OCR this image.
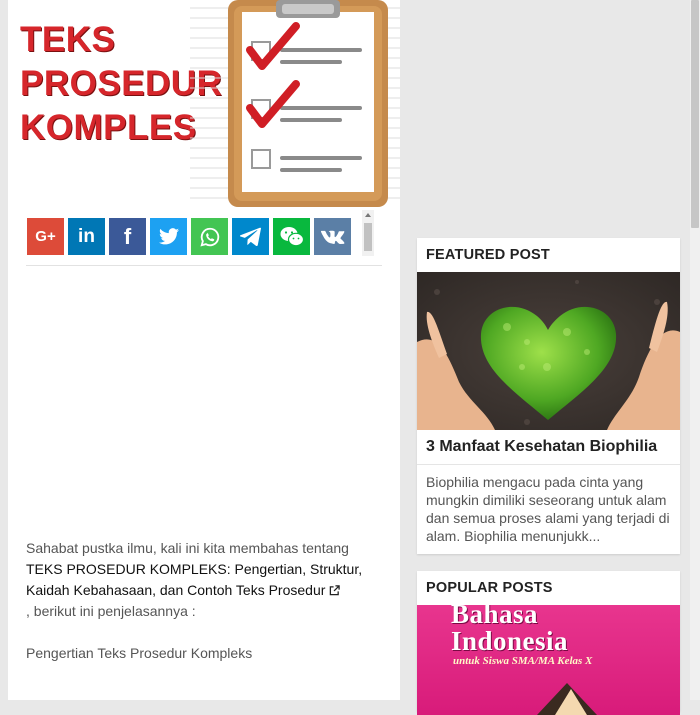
TEKS
PROSEDUR
KOMPLES
G+ in f

Sahabat pustka ilmu, kali ini kita membahas tentang

TEKS PROSEDUR KOMPLEKS: Pengertian, Struktur, Kaidah Kebahasaan, dan Contoh Teks Prosedur

, berikut ini penjelasannya :

Pengertian Teks Prosedur Kompleks

FEATURED POST
3 Manfaat Kesehatan Biophilia
Biophilia mengacu pada cinta yang mungkin dimiliki seseorang untuk alam dan semua proses alami yang terjadi di alam. Biophilia menunjukk...
POPULAR POSTS
Bahasa
Indonesia
untuk Siswa SMA/MA Kelas X
